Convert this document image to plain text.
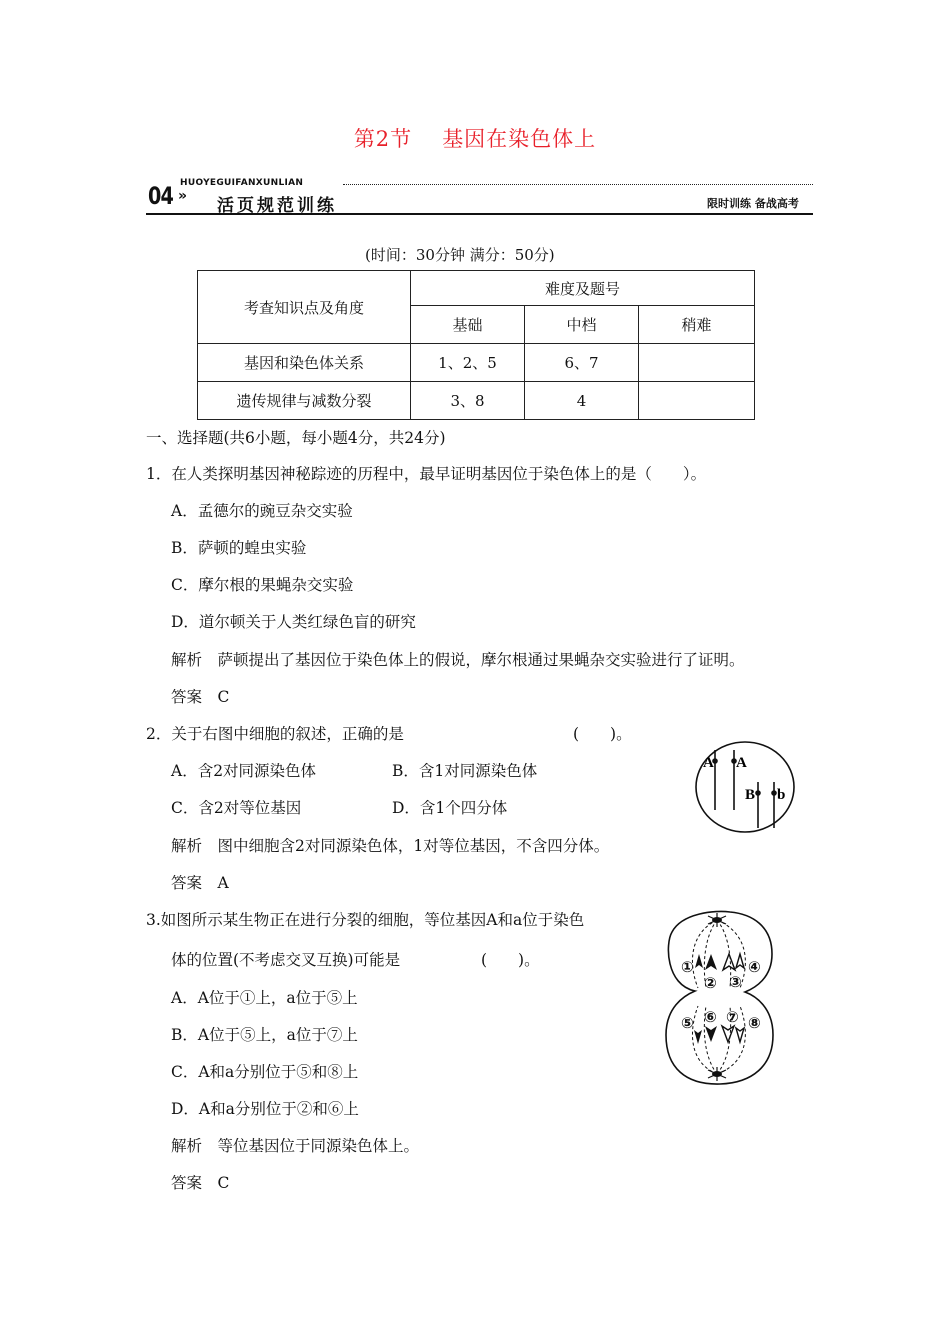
第2节 基因在染色体上
04 »
HUOYEGUIFANXUNLIAN
活页规范训练	限时训练 备战高考
(时间：30分钟 满分：50分)
考查知识点及角度	难度及题号		
	基础	中档	稍难
基因和染色体关系	1、2、5	6、7	
遗传规律与减数分裂	3、8	4	
一、选择题(共6小题，每小题4分，共24分)
1．在人类探明基因神秘踪迹的历程中，最早证明基因位于染色体上的是（　　）。
A．孟德尔的豌豆杂交实验
B．萨顿的蝗虫实验
C．摩尔根的果蝇杂交实验
D．道尔顿关于人类红绿色盲的研究
解析　萨顿提出了基因位于染色体上的假说，摩尔根通过果蝇杂交实验进行了证明。
答案　C
2．关于右图中细胞的叙述，正确的是	(　　)。
A．含2对同源染色体	B．含1对同源染色体
C．含2对等位基因	D．含1个四分体
解析　图中细胞含2对同源染色体，1对等位基因，不含四分体。
答案　A
A A
B b
3.如图所示某生物正在进行分裂的细胞，等位基因A和a位于染色
体的位置(不考虑交叉互换)可能是	(　　)。
A．A位于①上，a位于⑤上
B．A位于⑤上，a位于⑦上
C．A和a分别位于⑤和⑧上
D．A和a分别位于②和⑥上
解析　等位基因位于同源染色体上。
答案　C
①
② ③
④
⑤ ⑥ ⑦ ⑧
